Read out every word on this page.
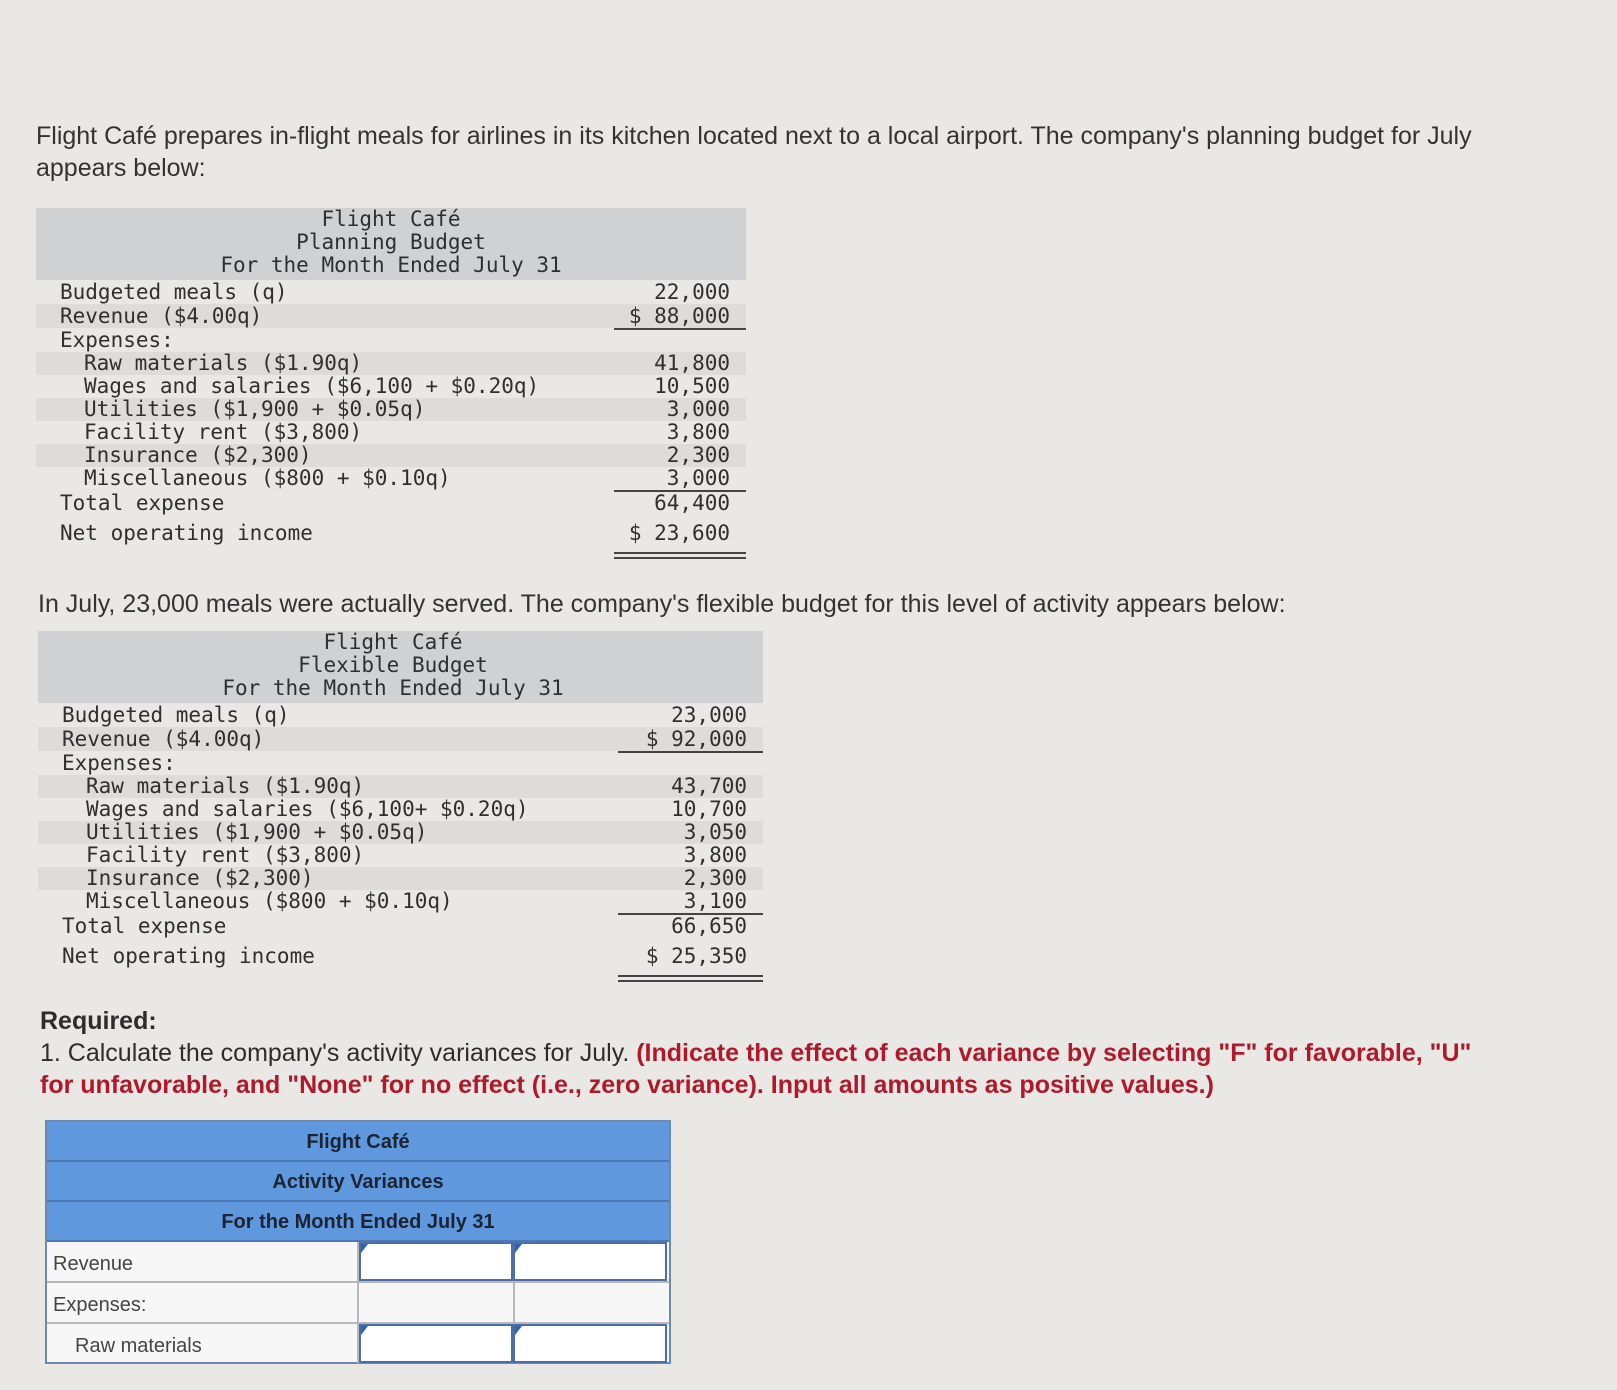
Flight Café prepares in-flight meals for airlines in its kitchen located next to a local airport. The company's planning budget for July appears below:
Flight Café
Planning Budget
For the Month Ended July 31
Budgeted meals (q)	22,000
Revenue ($4.00q)	$ 88,000
Expenses:
Raw materials ($1.90q)	41,800
Wages and salaries ($6,100 + $0.20q)	10,500
Utilities ($1,900 + $0.05q)	3,000
Facility rent ($3,800)	3,800
Insurance ($2,300)	2,300
Miscellaneous ($800 + $0.10q)	3,000
Total expense	64,400
Net operating income	$ 23,600
In July, 23,000 meals were actually served. The company's flexible budget for this level of activity appears below:
Required:
1. Calculate the company's activity variances for July. (Indicate the effect of each variance by selecting "F" for favorable, "U" for unfavorable, and "None" for no effect (i.e., zero variance). Input all amounts as positive values.)
Flight Café
Activity Variances
For the Month Ended July 31
Revenue
Expenses:
Raw materials
Flight Café
Flexible Budget
For the Month Ended July 31
Budgeted meals (q)	23,000
Revenue ($4.00q)	$ 92,000
Expenses:
Raw materials ($1.90q)	43,700
Wages and salaries ($6,100+ $0.20q)	10,700
Utilities ($1,900 + $0.05q)	3,050
Facility rent ($3,800)	3,800
Insurance ($2,300)	2,300
Miscellaneous ($800 + $0.10q)	3,100
Total expense	66,650
Net operating income	$ 25,350
